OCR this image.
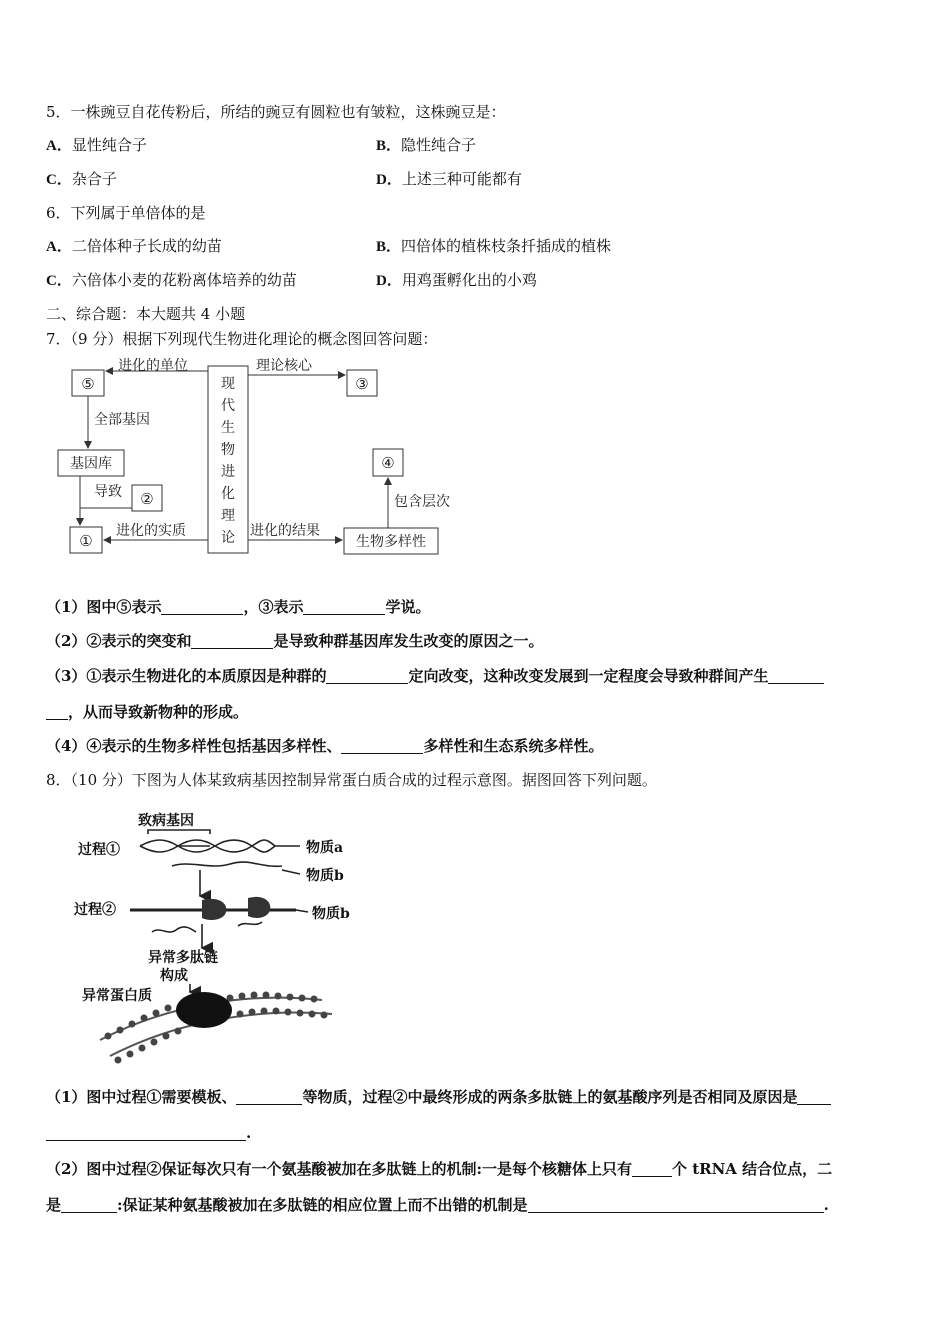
5．一株豌豆自花传粉后，所结的豌豆有圆粒也有皱粒，这株豌豆是：
A．显性纯合子	B．隐性纯合子
C．杂合子	D．上述三种可能都有
6．下列属于单倍体的是
A．二倍体种子长成的幼苗	B．四倍体的植株枝条扦插成的植株
C．六倍体小麦的花粉离体培养的幼苗	D．用鸡蛋孵化出的小鸡
二、综合题：本大题共 4 小题
7．（9 分）根据下列现代生物进化理论的概念图回答问题：
⑤	③
基因库
②
①
④
生物多样性
现
代
生
物
进
化
理
论
进化的单位	理论核心
全部基因
导致
进化的实质	进化的结果
包含层次
（1）图中⑤表示	，③表示	学说。
（2）②表示的突变和	是导致种群基因库发生改变的原因之一。
（3）①表示生物进化的本质原因是种群的	定向改变，这种改变发展到一定程度会导致种群间产生
，从而导致新物种的形成。
（4）④表示的生物多样性包括基因多样性、	多样性和生态系统多样性。
8．（10 分）下图为人体某致病基因控制异常蛋白质合成的过程示意图。据图回答下列问题。
致病基因
过程①
过程②
物质a
物质b
物质b
异常多肽链
构成
异常蛋白质
（1）图中过程①需要模板、	等物质，过程②中最终形成的两条多肽链上的氨基酸序列是否相同及原因是
.
（2）图中过程②保证每次只有一个氨基酸被加在多肽链上的机制:一是每个核糖体上只有	个 tRNA 结合位点，二
是	:保证某种氨基酸被加在多肽链的相应位置上而不出错的机制是	.
